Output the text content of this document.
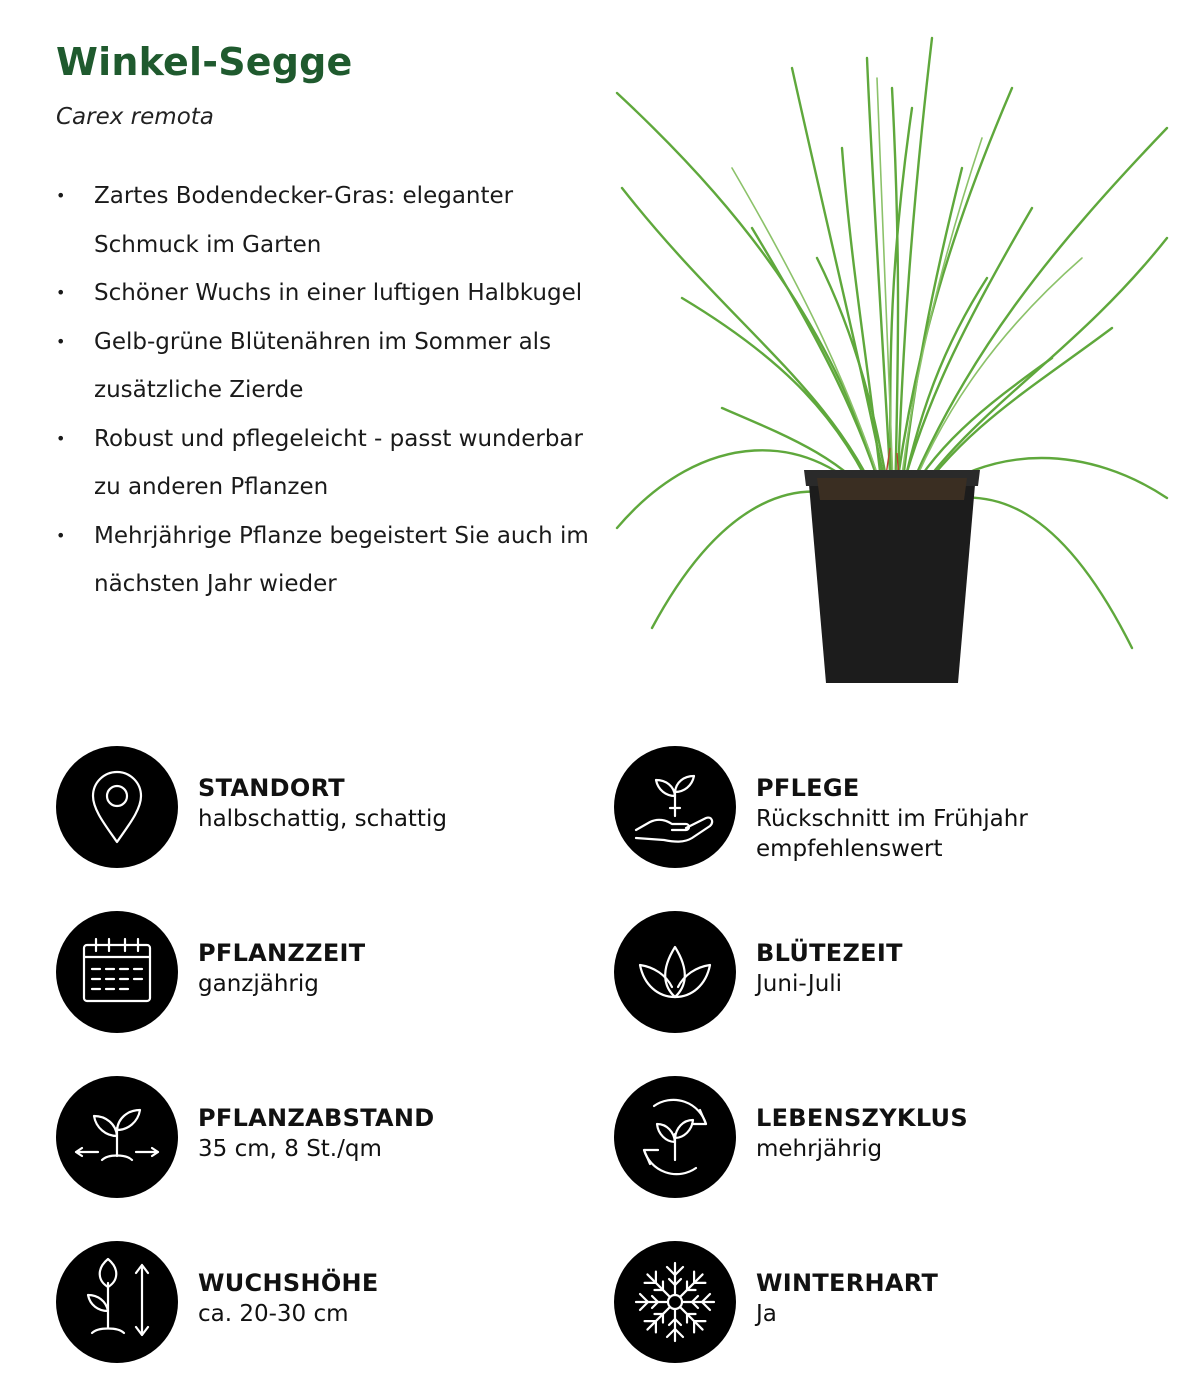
Winkel-Segge

Carex remota

• Zartes Bodendecker-Gras: eleganter Schmuck im Garten
• Schöner Wuchs in einer luftigen Halbkugel
• Gelb-grüne Blütenähren im Sommer als zusätzliche Zierde
• Robust und pflegeleicht - passt wunderbar zu anderen Pflanzen
• Mehrjährige Pflanze begeistert Sie auch im nächsten Jahr wieder
STANDORT
halbschattig, schattig
PFLEGE
Rückschnitt im Frühjahr empfehlenswert
PFLANZZEIT
ganzjährig
BLÜTEZEIT
Juni-Juli
PFLANZABSTAND
35 cm, 8 St./qm
LEBENSZYKLUS
mehrjährig
WUCHSHÖHE
ca. 20-30 cm
WINTERHART
Ja
